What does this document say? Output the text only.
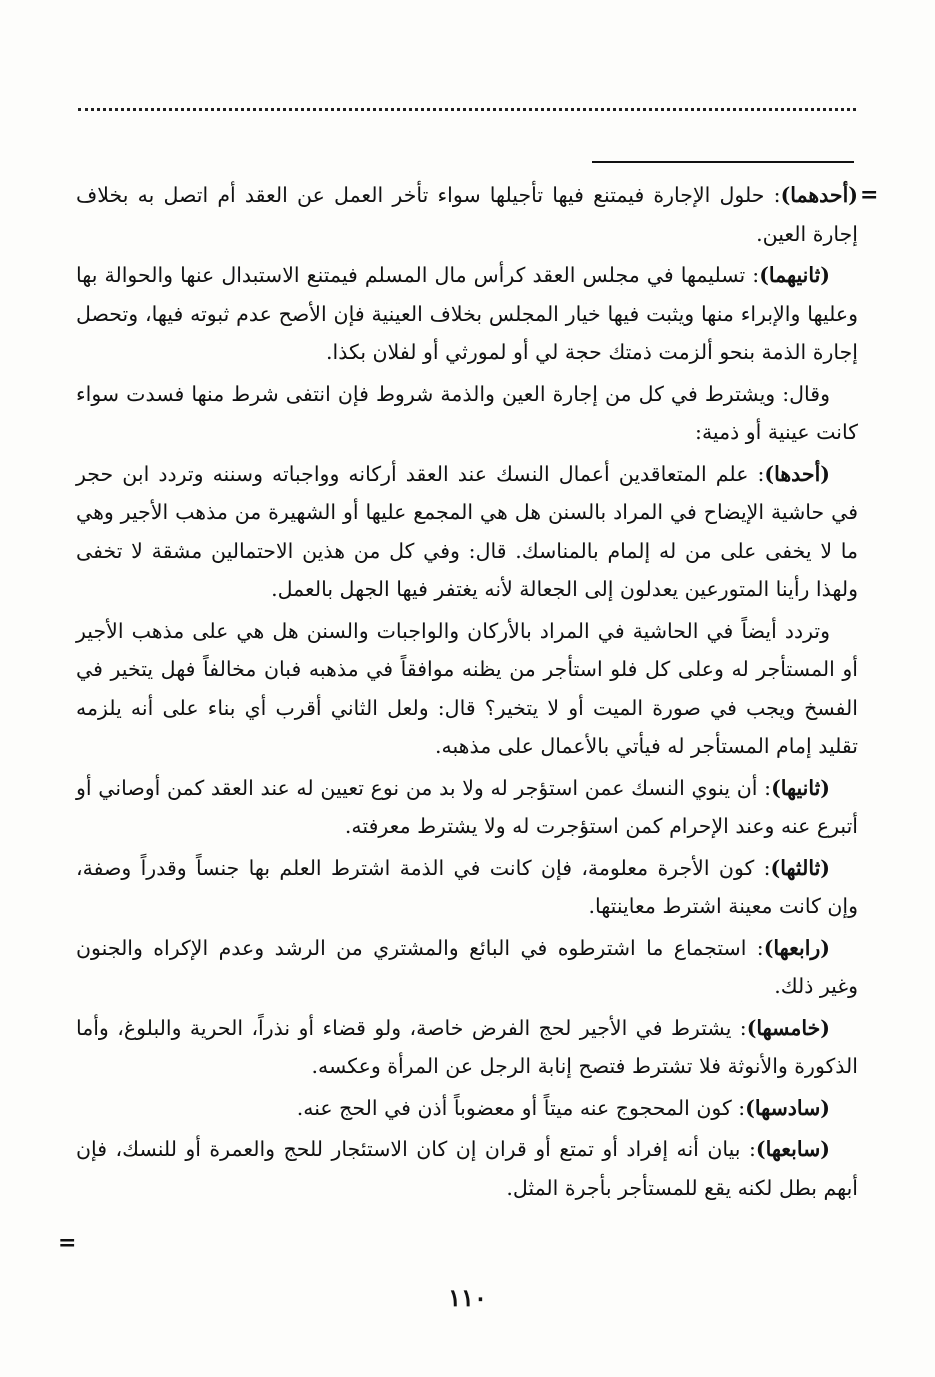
=

(أحدهما): حلول الإجارة فيمتنع فيها تأجيلها سواء تأخر العمل عن العقد أم اتصل به بخلاف إجارة العين.

(ثانيهما): تسليمها في مجلس العقد كرأس مال المسلم فيمتنع الاستبدال عنها والحوالة بها وعليها والإبراء منها ويثبت فيها خيار المجلس بخلاف العينية فإن الأصح عدم ثبوته فيها، وتحصل إجارة الذمة بنحو ألزمت ذمتك حجة لي أو لمورثي أو لفلان بكذا.

وقال: ويشترط في كل من إجارة العين والذمة شروط فإن انتفى شرط منها فسدت سواء كانت عينية أو ذمية:

(أحدها): علم المتعاقدين أعمال النسك عند العقد أركانه وواجباته وسننه وتردد ابن حجر في حاشية الإيضاح في المراد بالسنن هل هي المجمع عليها أو الشهيرة من مذهب الأجير وهي ما لا يخفى على من له إلمام بالمناسك. قال: وفي كل من هذين الاحتمالين مشقة لا تخفى ولهذا رأينا المتورعين يعدلون إلى الجعالة لأنه يغتفر فيها الجهل بالعمل.

وتردد أيضاً في الحاشية في المراد بالأركان والواجبات والسنن هل هي على مذهب الأجير أو المستأجر له وعلى كل فلو استأجر من يظنه موافقاً في مذهبه فبان مخالفاً فهل يتخير في الفسخ ويجب في صورة الميت أو لا يتخير؟ قال: ولعل الثاني أقرب أي بناء على أنه يلزمه تقليد إمام المستأجر له فيأتي بالأعمال على مذهبه.

(ثانيها): أن ينوي النسك عمن استؤجر له ولا بد من نوع تعيين له عند العقد كمن أوصاني أو أتبرع عنه وعند الإحرام كمن استؤجرت له ولا يشترط معرفته.

(ثالثها): كون الأجرة معلومة، فإن كانت في الذمة اشترط العلم بها جنساً وقدراً وصفة، وإن كانت معينة اشترط معاينتها.

(رابعها): استجماع ما اشترطوه في البائع والمشتري من الرشد وعدم الإكراه والجنون وغير ذلك.

(خامسها): يشترط في الأجير لحج الفرض خاصة، ولو قضاء أو نذراً، الحرية والبلوغ، وأما الذكورة والأنوثة فلا تشترط فتصح إنابة الرجل عن المرأة وعكسه.

(سادسها): كون المحجوج عنه ميتاً أو معضوباً أذن في الحج عنه.

(سابعها): بيان أنه إفراد أو تمتع أو قران إن كان الاستئجار للحج والعمرة أو للنسك، فإن أبهم بطل لكنه يقع للمستأجر بأجرة المثل.

=
١١٠
